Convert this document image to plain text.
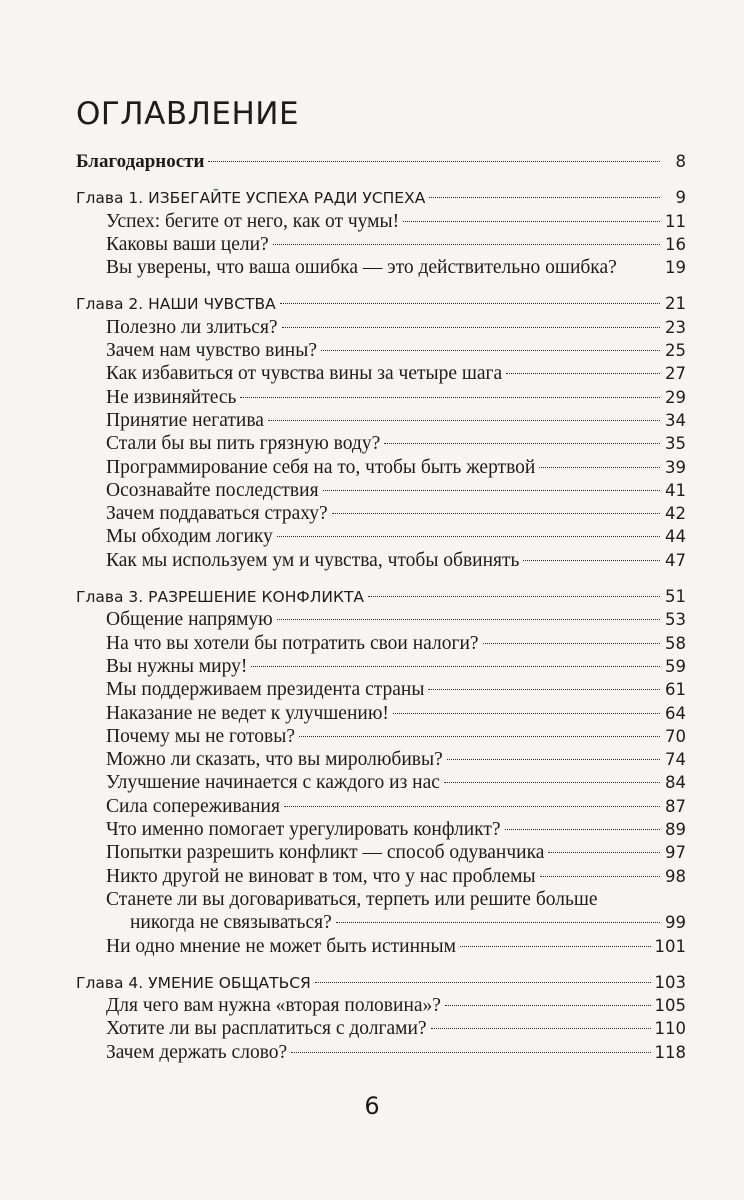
ОГЛАВЛЕНИЕ
Благодарности	8
Глава 1. ИЗБЕГАЙТЕ УСПЕХА РАДИ УСПЕХА	9
Успех: бегите от него, как от чумы!	11
Каковы ваши цели?	16
Вы уверены, что ваша ошибка — это действительно ошибка?	19
Глава 2. НАШИ ЧУВСТВА	21
Полезно ли злиться?	23
Зачем нам чувство вины?	25
Как избавиться от чувства вины за четыре шага	27
Не извиняйтесь	29
Принятие негатива	34
Стали бы вы пить грязную воду?	35
Программирование себя на то, чтобы быть жертвой	39
Осознавайте последствия	41
Зачем поддаваться страху?	42
Мы обходим логику	44
Как мы используем ум и чувства, чтобы обвинять	47
Глава 3. РАЗРЕШЕНИЕ КОНФЛИКТА	51
Общение напрямую	53
На что вы хотели бы потратить свои налоги?	58
Вы нужны миру!	59
Мы поддерживаем президента страны	61
Наказание не ведет к улучшению!	64
Почему мы не готовы?	70
Можно ли сказать, что вы миролюбивы?	74
Улучшение начинается с каждого из нас	84
Сила сопереживания	87
Что именно помогает урегулировать конфликт?	89
Попытки разрешить конфликт — способ одуванчика	97
Никто другой не виноват в том, что у нас проблемы	98
Станете ли вы договариваться, терпеть или решите больше
никогда не связываться?	99
Ни одно мнение не может быть истинным	101
Глава 4. УМЕНИЕ ОБЩАТЬСЯ	103
Для чего вам нужна «вторая половина»?	105
Хотите ли вы расплатиться с долгами?	110
Зачем держать слово?	118
6
